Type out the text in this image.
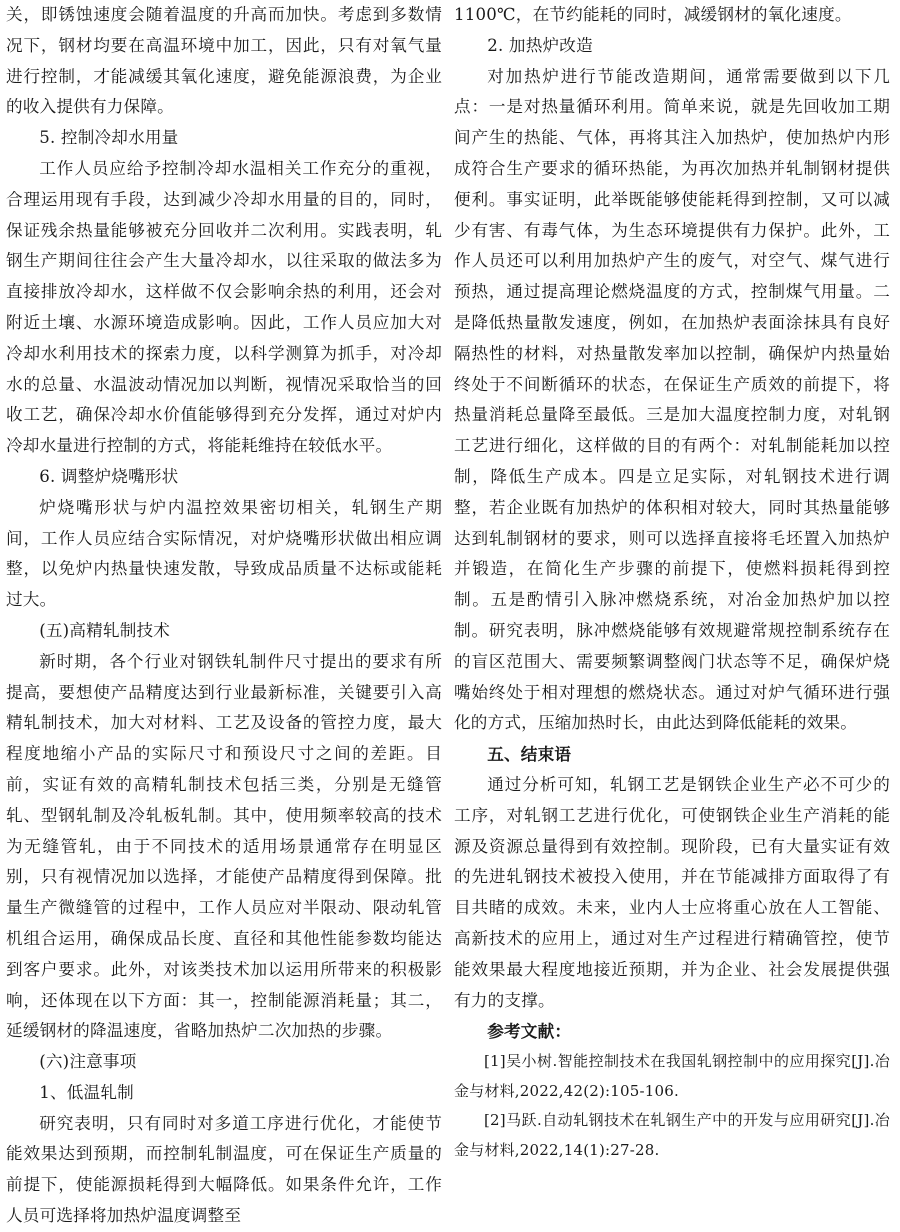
关，即锈蚀速度会随着温度的升高而加快。考虑到多数情况下，钢材均要在高温环境中加工，因此，只有对氧气量进行控制，才能减缓其氧化速度，避免能源浪费，为企业的收入提供有力保障。

5. 控制冷却水用量

工作人员应给予控制冷却水温相关工作充分的重视，合理运用现有手段，达到减少冷却水用量的目的，同时，保证残余热量能够被充分回收并二次利用。实践表明，轧钢生产期间往往会产生大量冷却水，以往采取的做法多为直接排放冷却水，这样做不仅会影响余热的利用，还会对附近土壤、水源环境造成影响。因此，工作人员应加大对冷却水利用技术的探索力度，以科学测算为抓手，对冷却水的总量、水温波动情况加以判断，视情况采取恰当的回收工艺，确保冷却水价值能够得到充分发挥，通过对炉内冷却水量进行控制的方式，将能耗维持在较低水平。

6. 调整炉烧嘴形状

炉烧嘴形状与炉内温控效果密切相关，轧钢生产期间，工作人员应结合实际情况，对炉烧嘴形状做出相应调整，以免炉内热量快速发散，导致成品质量不达标或能耗过大。

(五)高精轧制技术

新时期，各个行业对钢铁轧制件尺寸提出的要求有所提高，要想使产品精度达到行业最新标准，关键要引入高精轧制技术，加大对材料、工艺及设备的管控力度，最大程度地缩小产品的实际尺寸和预设尺寸之间的差距。目前，实证有效的高精轧制技术包括三类，分别是无缝管轧、型钢轧制及冷轧板轧制。其中，使用频率较高的技术为无缝管轧，由于不同技术的适用场景通常存在明显区别，只有视情况加以选择，才能使产品精度得到保障。批量生产微缝管的过程中，工作人员应对半限动、限动轧管机组合运用，确保成品长度、直径和其他性能参数均能达到客户要求。此外，对该类技术加以运用所带来的积极影响，还体现在以下方面：其一，控制能源消耗量；其二，延缓钢材的降温速度，省略加热炉二次加热的步骤。

(六)注意事项

1、低温轧制

研究表明，只有同时对多道工序进行优化，才能使节能效果达到预期，而控制轧制温度，可在保证生产质量的前提下，使能源损耗得到大幅降低。如果条件允许，工作人员可选择将加热炉温度调整至

1100℃，在节约能耗的同时，减缓钢材的氧化速度。

2. 加热炉改造

对加热炉进行节能改造期间，通常需要做到以下几点：一是对热量循环利用。简单来说，就是先回收加工期间产生的热能、气体，再将其注入加热炉，使加热炉内形成符合生产要求的循环热能，为再次加热并轧制钢材提供便利。事实证明，此举既能够使能耗得到控制，又可以减少有害、有毒气体，为生态环境提供有力保护。此外，工作人员还可以利用加热炉产生的废气，对空气、煤气进行预热，通过提高理论燃烧温度的方式，控制煤气用量。二是降低热量散发速度，例如，在加热炉表面涂抹具有良好隔热性的材料，对热量散发率加以控制，确保炉内热量始终处于不间断循环的状态，在保证生产质效的前提下，将热量消耗总量降至最低。三是加大温度控制力度，对轧钢工艺进行细化，这样做的目的有两个：对轧制能耗加以控制，降低生产成本。四是立足实际，对轧钢技术进行调整，若企业既有加热炉的体积相对较大，同时其热量能够达到轧制钢材的要求，则可以选择直接将毛坯置入加热炉并锻造，在简化生产步骤的前提下，使燃料损耗得到控制。五是酌情引入脉冲燃烧系统，对冶金加热炉加以控制。研究表明，脉冲燃烧能够有效规避常规控制系统存在的盲区范围大、需要频繁调整阀门状态等不足，确保炉烧嘴始终处于相对理想的燃烧状态。通过对炉气循环进行强化的方式，压缩加热时长，由此达到降低能耗的效果。

五、结束语

通过分析可知，轧钢工艺是钢铁企业生产必不可少的工序，对轧钢工艺进行优化，可使钢铁企业生产消耗的能源及资源总量得到有效控制。现阶段，已有大量实证有效的先进轧钢技术被投入使用，并在节能减排方面取得了有目共睹的成效。未来，业内人士应将重心放在人工智能、高新技术的应用上，通过对生产过程进行精确管控，使节能效果最大程度地接近预期，并为企业、社会发展提供强有力的支撑。

参考文献：

[1]吴小树.智能控制技术在我国轧钢控制中的应用探究[J].冶金与材料,2022,42(2):105-106.

[2]马跃.自动轧钢技术在轧钢生产中的开发与应用研究[J].冶金与材料,2022,14(1):27-28.
